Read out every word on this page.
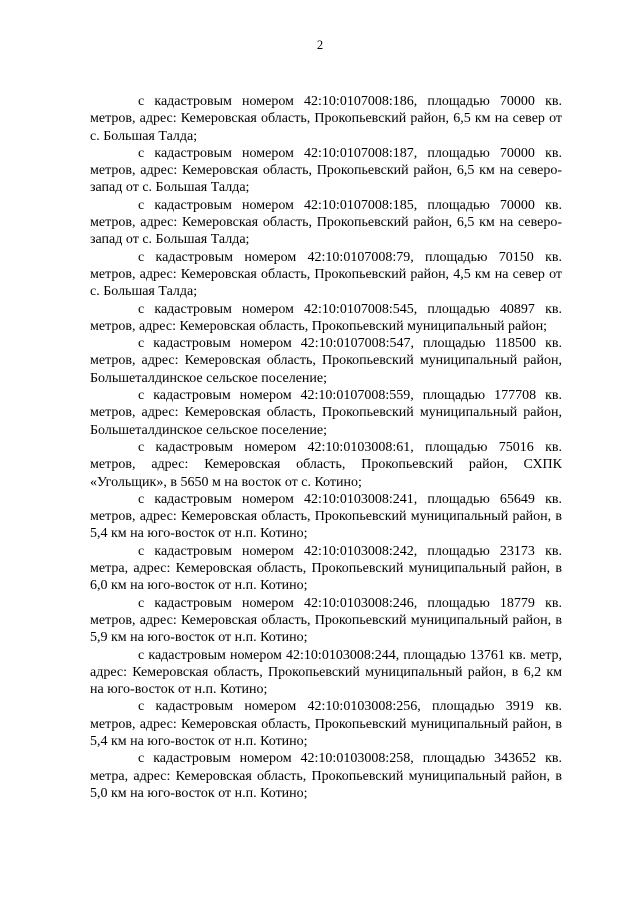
2

с кадастровым номером 42:10:0107008:186, площадью 70000 кв. метров, адрес: Кемеровская область, Прокопьевский район, 6,5 км на север от с. Большая Талда;

с кадастровым номером 42:10:0107008:187, площадью 70000 кв. метров, адрес: Кемеровская область, Прокопьевский район, 6,5 км на северо-запад от с. Большая Талда;

с кадастровым номером 42:10:0107008:185, площадью 70000 кв. метров, адрес: Кемеровская область, Прокопьевский район, 6,5 км на северо-запад от с. Большая Талда;

с кадастровым номером 42:10:0107008:79, площадью 70150 кв. метров, адрес: Кемеровская область, Прокопьевский район, 4,5 км на север от с. Большая Талда;

с кадастровым номером 42:10:0107008:545, площадью 40897 кв. метров, адрес: Кемеровская область, Прокопьевский муниципальный район;

с кадастровым номером 42:10:0107008:547, площадью 118500 кв. метров, адрес: Кемеровская область, Прокопьевский муниципальный район, Большеталдинское сельское поселение;

с кадастровым номером 42:10:0107008:559, площадью 177708 кв. метров, адрес: Кемеровская область, Прокопьевский муниципальный район, Большеталдинское сельское поселение;

с кадастровым номером 42:10:0103008:61, площадью 75016 кв. метров, адрес: Кемеровская область, Прокопьевский район, СХПК «Угольщик», в 5650 м на восток от с. Котино;

с кадастровым номером 42:10:0103008:241, площадью 65649 кв. метров, адрес: Кемеровская область, Прокопьевский муниципальный район, в 5,4 км на юго-восток от н.п. Котино;

с кадастровым номером 42:10:0103008:242, площадью 23173 кв. метра, адрес: Кемеровская область, Прокопьевский муниципальный район, в 6,0 км на юго-восток от н.п. Котино;

с кадастровым номером 42:10:0103008:246, площадью 18779 кв. метров, адрес: Кемеровская область, Прокопьевский муниципальный район, в 5,9 км на юго-восток от н.п. Котино;

с кадастровым номером 42:10:0103008:244, площадью 13761 кв. метр, адрес: Кемеровская область, Прокопьевский муниципальный район, в 6,2 км на юго-восток от н.п. Котино;

с кадастровым номером 42:10:0103008:256, площадью 3919 кв. метров, адрес: Кемеровская область, Прокопьевский муниципальный район, в 5,4 км на юго-восток от н.п. Котино;

с кадастровым номером 42:10:0103008:258, площадью 343652 кв. метра, адрес: Кемеровская область, Прокопьевский муниципальный район, в 5,0 км на юго-восток от н.п. Котино;
